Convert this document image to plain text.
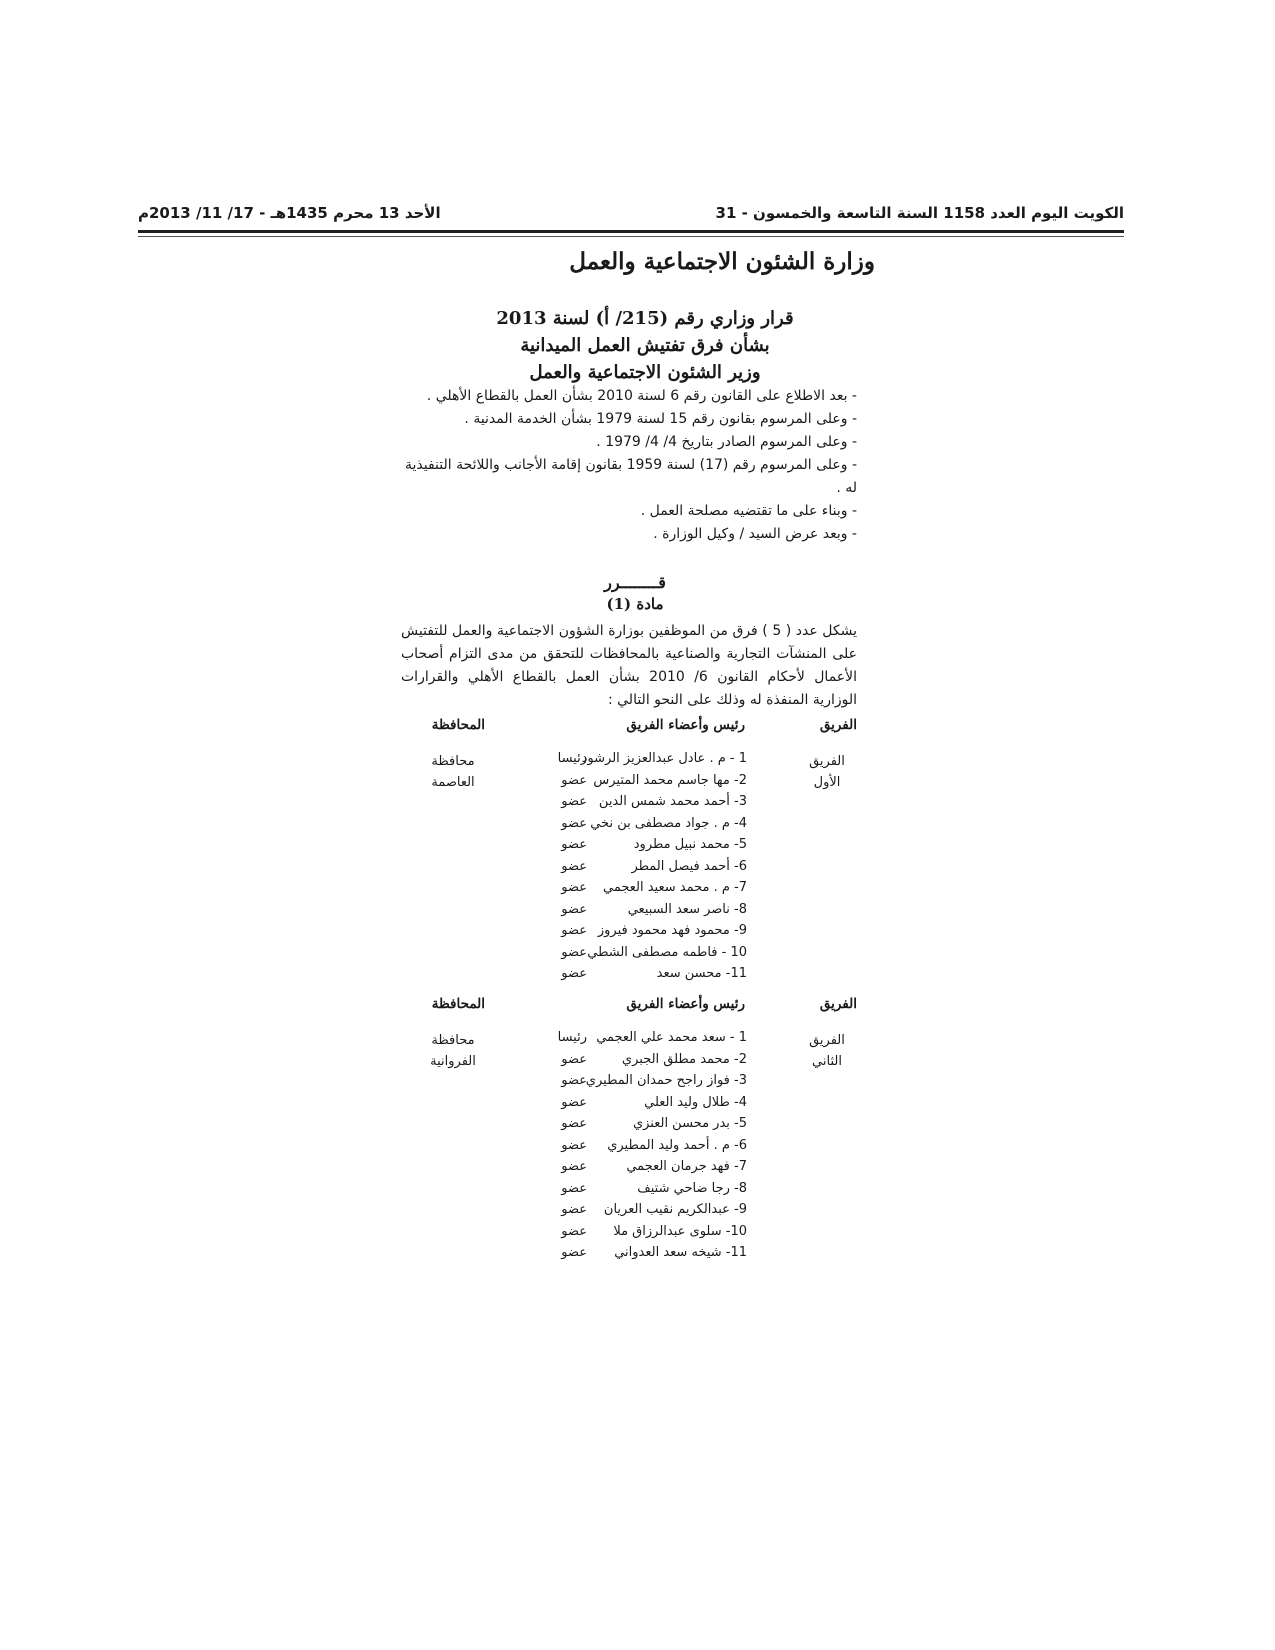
الكويت اليوم العدد 1158 السنة التاسعة والخمسون - 31
الأحد 13 محرم 1435هـ - 17/ 11/ 2013م
وزارة الشئون الاجتماعية والعمل
قرار وزاري رقم (215/ أ) لسنة 2013
بشأن فرق تفتيش العمل الميدانية
وزير الشئون الاجتماعية والعمل

- بعد الاطلاع على القانون رقم 6 لسنة 2010 بشأن العمل بالقطاع الأهلي .

- وعلى المرسوم بقانون رقم 15 لسنة 1979 بشأن الخدمة المدنية .

- وعلى المرسوم الصادر بتاريخ 4/ 4/ 1979 .

- وعلى المرسوم رقم (17) لسنة 1959 بقانون إقامة الأجانب واللائحة التنفيذية له .

- وبناء على ما تقتضيه مصلحة العمل .

- وبعد عرض السيد / وكيل الوزارة .

قــــــــرر
مادة (1)
يشكل عدد ( 5 ) فرق من الموظفين بوزارة الشؤون الاجتماعية والعمل للتفتيش على المنشآت التجارية والصناعية بالمحافظات للتحقق من مدى التزام أصحاب الأعمال لأحكام القانون 6/ 2010 بشأن العمل بالقطاع الأهلي والقرارات الوزارية المنفذة له وذلك على النحو التالي :
الفريق
رئيس وأعضاء الفريق
المحافظة
الفريق
الأول
محافظة
العاصمة
1 - م . عادل عبدالعزيز الرشود
رئيسا
2- مها جاسم محمد المتيرس
عضو
3- أحمد محمد شمس الدين
عضو
4- م . جواد مصطفى بن نخي
عضو
5- محمد نبيل مطرود
عضو
6- أحمد فيصل المطر
عضو
7- م . محمد سعيد العجمي
عضو
8- ناصر سعد السبيعي
عضو
9- محمود فهد محمود فيروز
عضو
10 - فاطمه مصطفى الشطي
عضو
11- محسن سعد
عضو
الفريق
رئيس وأعضاء الفريق
المحافظة
الفريق
الثاني
محافظة
الفروانية
1 - سعد محمد علي العجمي
رئيسا
2- محمد مطلق الجبري
عضو
3- فواز راجح حمدان المطيري
عضو
4- طلال وليد العلي
عضو
5- بدر محسن العنزي
عضو
6- م . أحمد وليد المطيري
عضو
7- فهد جرمان العجمي
عضو
8- رجا ضاحي شتيف
عضو
9- عبدالكريم نقيب العريان
عضو
10- سلوى عبدالرزاق ملا
عضو
11- شيخه سعد العدواني
عضو
